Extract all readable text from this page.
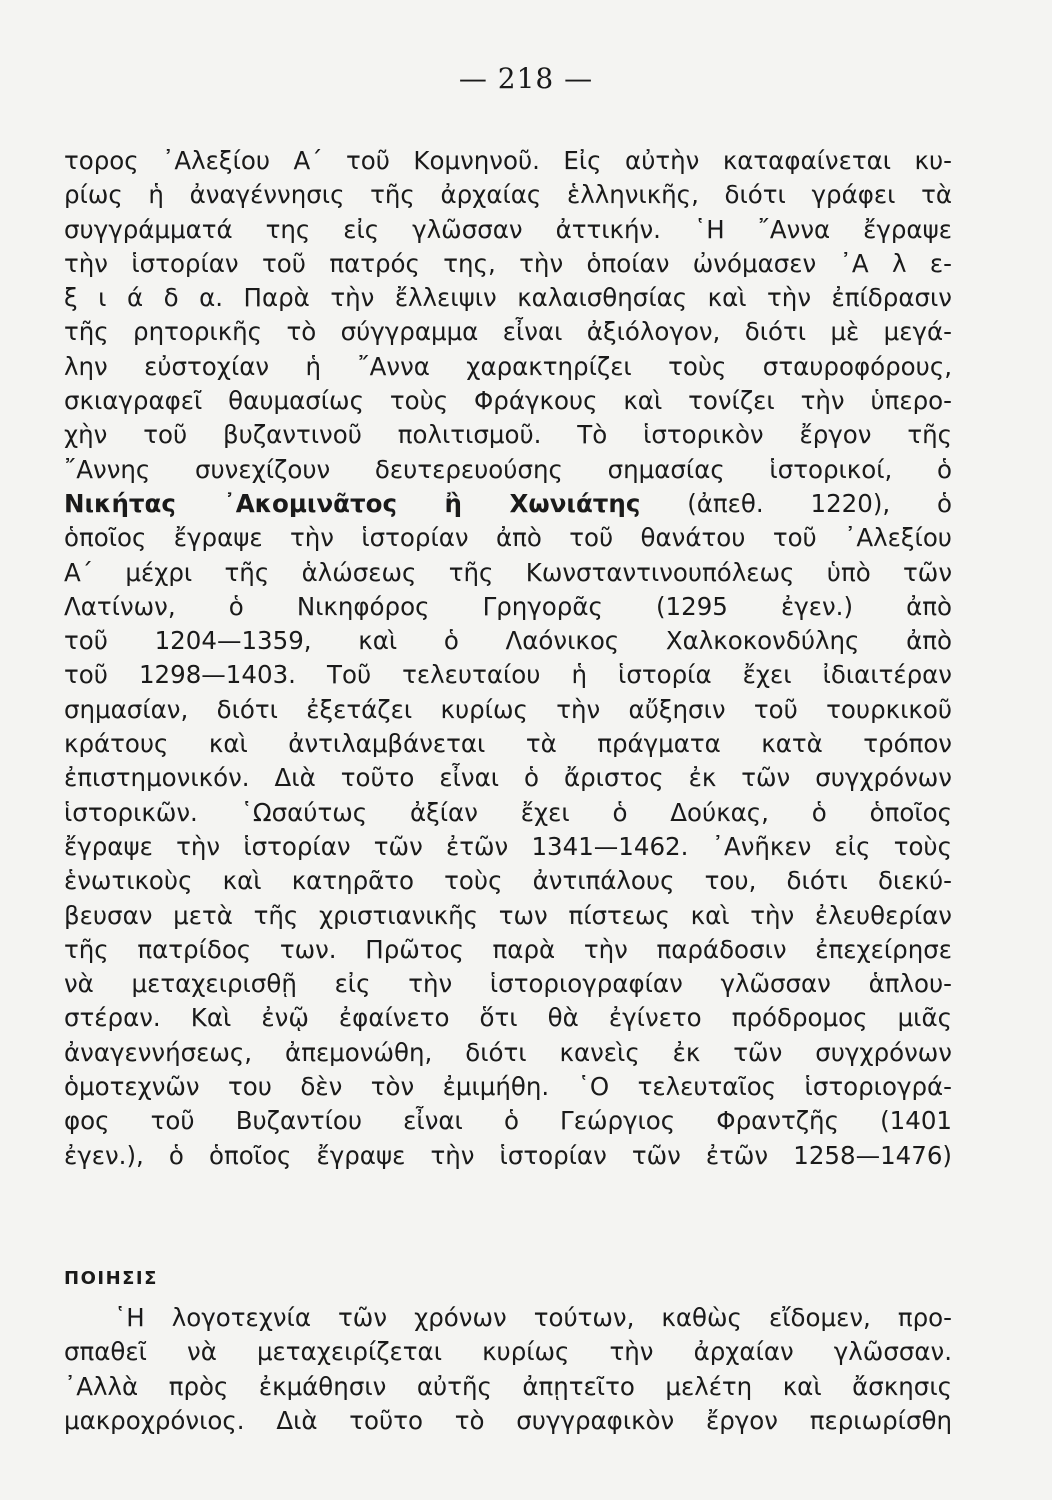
— 218 —
τορος ᾿Αλεξίου Α΄ τοῦ Κομνηνοῦ. Εἰς αὐτὴν καταφαίνεται κυ-
ρίως ἡ ἀναγέννησις τῆς ἀρχαίας ἑλληνικῆς, διότι γράφει τὰ
συγγράμματά της εἰς γλῶσσαν ἀττικήν. ῾Η ῎Αννα ἔγραψε
τὴν ἱστορίαν τοῦ πατρός της, τὴν ὁποίαν ὠνόμασεν ᾿Α λ ε-
ξ ι ά δ α. Παρὰ τὴν ἔλλειψιν καλαισθησίας καὶ τὴν ἐπίδρασιν
τῆς ρητορικῆς τὸ σύγγραμμα εἶναι ἀξιόλογον, διότι μὲ μεγά-
λην εὐστοχίαν ἡ ῎Αννα χαρακτηρίζει τοὺς σταυροφόρους,
σκιαγραφεῖ θαυμασίως τοὺς Φράγκους καὶ τονίζει τὴν ὑπερο-
χὴν τοῦ βυζαντινοῦ πολιτισμοῦ. Τὸ ἱστορικὸν ἔργον τῆς
῎Αννης συνεχίζουν δευτερευούσης σημασίας ἱστορικοί, ὁ
Νικήτας ᾿Ακομινᾶτος ἢ Χωνιάτης (ἀπεθ. 1220), ὁ
ὁποῖος ἔγραψε τὴν ἱστορίαν ἀπὸ τοῦ θανάτου τοῦ ᾿Αλεξίου
Α΄ μέχρι τῆς ἁλώσεως τῆς Κωνσταντινουπόλεως ὑπὸ τῶν
Λατίνων, ὁ Νικηφόρος Γρηγορᾶς (1295 ἐγεν.) ἀπὸ
τοῦ 1204—1359, καὶ ὁ Λαόνικος Χαλκοκονδύλης ἀπὸ
τοῦ 1298—1403. Τοῦ τελευταίου ἡ ἱστορία ἔχει ἰδιαιτέραν
σημασίαν, διότι ἐξετάζει κυρίως τὴν αὔξησιν τοῦ τουρκικοῦ
κράτους καὶ ἀντιλαμβάνεται τὰ πράγματα κατὰ τρόπον
ἐπιστημονικόν. Διὰ τοῦτο εἶναι ὁ ἄριστος ἐκ τῶν συγχρόνων
ἱστορικῶν. ῾Ωσαύτως ἀξίαν ἔχει ὁ Δούκας, ὁ ὁποῖος
ἔγραψε τὴν ἱστορίαν τῶν ἐτῶν 1341—1462. ᾿Ανῆκεν εἰς τοὺς
ἑνωτικοὺς καὶ κατηρᾶτο τοὺς ἀντιπάλους του, διότι διεκύ-
βευσαν μετὰ τῆς χριστιανικῆς των πίστεως καὶ τὴν ἐλευθερίαν
τῆς πατρίδος των. Πρῶτος παρὰ τὴν παράδοσιν ἐπεχείρησε
νὰ μεταχειρισθῇ εἰς τὴν ἱστοριογραφίαν γλῶσσαν ἁπλου-
στέραν. Καὶ ἐνῷ ἐφαίνετο ὅτι θὰ ἐγίνετο πρόδρομος μιᾶς
ἀναγεννήσεως, ἀπεμονώθη, διότι κανεὶς ἐκ τῶν συγχρόνων
ὁμοτεχνῶν του δὲν τὸν ἐμιμήθη. ῾Ο τελευταῖος ἱστοριογρά-
φος τοῦ Βυζαντίου εἶναι ὁ Γεώργιος Φραντζῆς (1401
ἐγεν.), ὁ ὁποῖος ἔγραψε τὴν ἱστορίαν τῶν ἐτῶν 1258—1476)
ΠΟΙΗΣΙΣ
῾Η λογοτεχνία τῶν χρόνων τούτων, καθὼς εἴδομεν, προ-
σπαθεῖ νὰ μεταχειρίζεται κυρίως τὴν ἀρχαίαν γλῶσσαν.
᾿Αλλὰ πρὸς ἐκμάθησιν αὐτῆς ἀπῃτεῖτο μελέτη καὶ ἄσκησις
μακροχρόνιος. Διὰ τοῦτο τὸ συγγραφικὸν ἔργον περιωρίσθη
